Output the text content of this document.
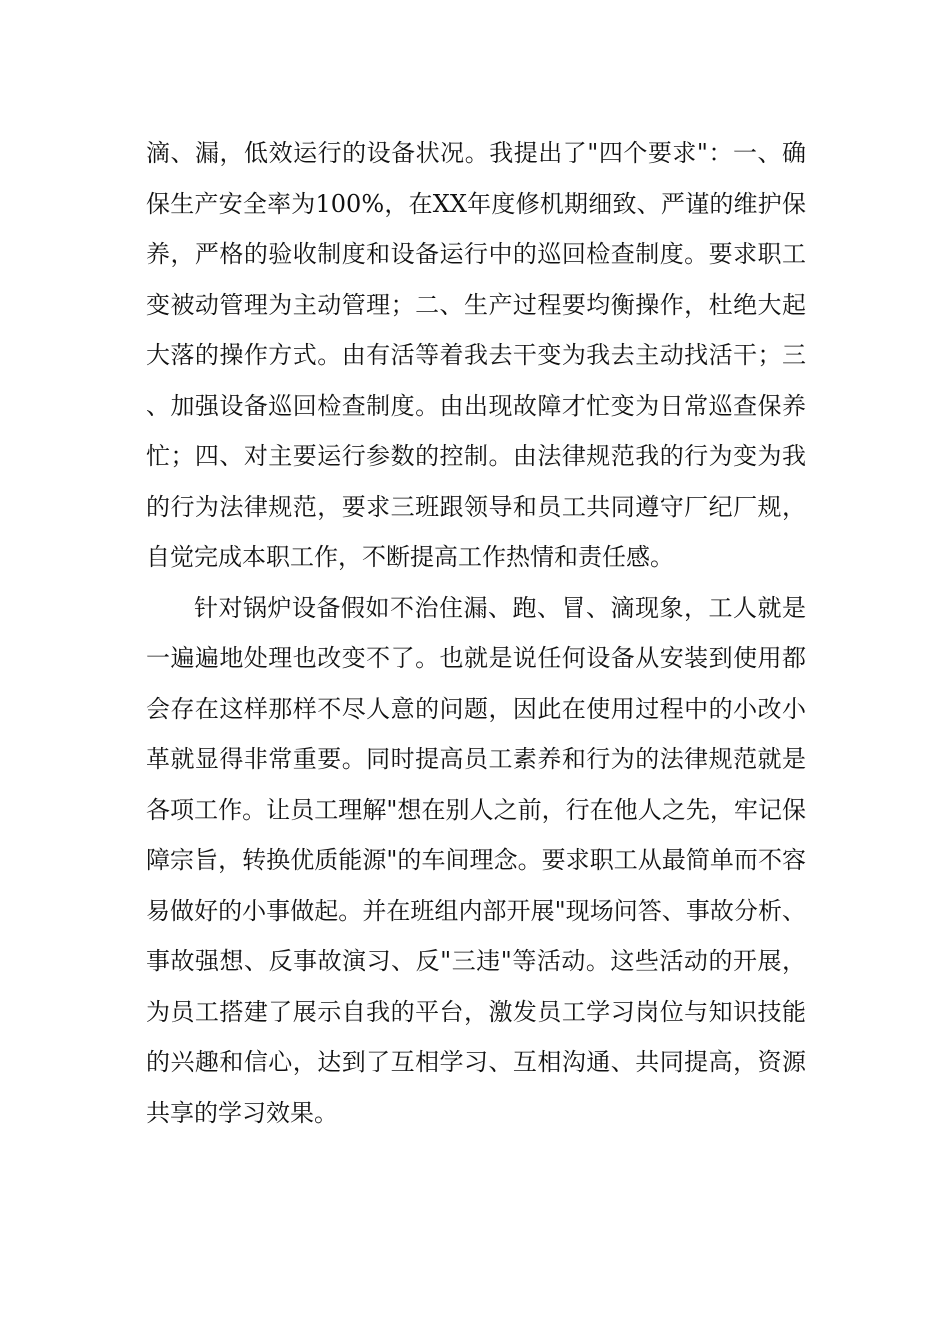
滴、漏，低效运行的设备状况。我提出了"四个要求"：一、确保生产安全率为100%，在XX年度修机期细致、严谨的维护保养，严格的验收制度和设备运行中的巡回检查制度。要求职工变被动管理为主动管理；二、生产过程要均衡操作，杜绝大起大落的操作方式。由有活等着我去干变为我去主动找活干；三、加强设备巡回检查制度。由出现故障才忙变为日常巡查保养忙；四、对主要运行参数的控制。由法律规范我的行为变为我的行为法律规范，要求三班跟领导和员工共同遵守厂纪厂规，自觉完成本职工作，不断提高工作热情和责任感。

针对锅炉设备假如不治住漏、跑、冒、滴现象，工人就是一遍遍地处理也改变不了。也就是说任何设备从安装到使用都会存在这样那样不尽人意的问题，因此在使用过程中的小改小革就显得非常重要。同时提高员工素养和行为的法律规范就是各项工作。让员工理解"想在别人之前，行在他人之先，牢记保障宗旨，转换优质能源"的车间理念。要求职工从最简单而不容易做好的小事做起。并在班组内部开展"现场问答、事故分析、事故强想、反事故演习、反"三违"等活动。这些活动的开展，为员工搭建了展示自我的平台，激发员工学习岗位与知识技能的兴趣和信心，达到了互相学习、互相沟通、共同提高，资源共享的学习效果。
